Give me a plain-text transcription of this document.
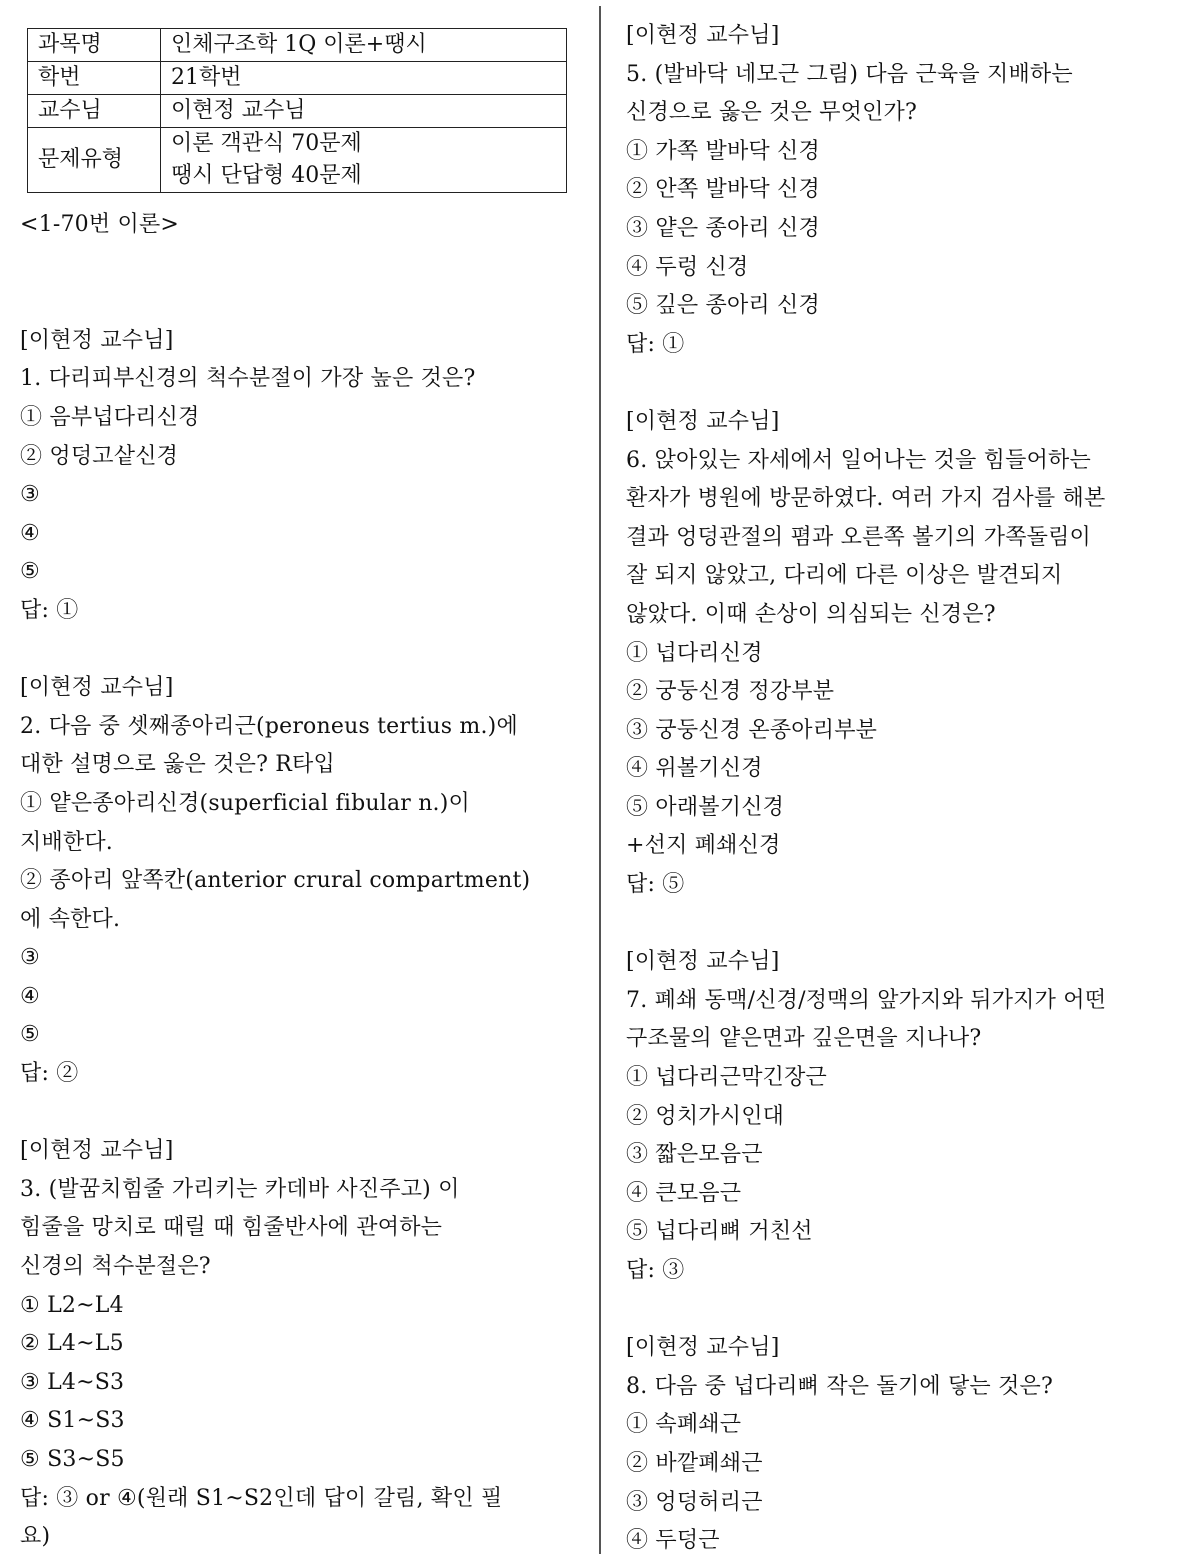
과목명	인체구조학 1Q 이론+땡시

학번	21학번

교수님	이현정 교수님

문제유형	이론 객관식 70문제
땡시 단답형 40문제
<1-70번 이론>
[이현정 교수님]
1. 다리피부신경의 척수분절이 가장 높은 것은?
① 음부넙다리신경
② 엉덩고샅신경
③
④
⑤
답: ①
[이현정 교수님]
2. 다음 중 셋째종아리근(peroneus tertius m.)에
대한 설명으로 옳은 것은? R타입
① 얕은종아리신경(superficial fibular n.)이
지배한다.
② 종아리 앞쪽칸(anterior crural compartment)
에 속한다.
③
④
⑤
답: ②
[이현정 교수님]
3. (발꿈치힘줄 가리키는 카데바 사진주고) 이
힘줄을 망치로 때릴 때 힘줄반사에 관여하는
신경의 척수분절은?
① L2~L4
② L4~L5
③ L4~S3
④ S1~S3
⑤ S3~S5
답: ③ or ④(원래 S1~S2인데 답이 갈림, 확인 필
요)
[이현정 교수님]
5. (발바닥 네모근 그림) 다음 근육을 지배하는
신경으로 옳은 것은 무엇인가?
① 가쪽 발바닥 신경
② 안쪽 발바닥 신경
③ 얕은 종아리 신경
④ 두렁 신경
⑤ 깊은 종아리 신경
답: ①
[이현정 교수님]
6. 앉아있는 자세에서 일어나는 것을 힘들어하는
환자가 병원에 방문하였다. 여러 가지 검사를 해본
결과 엉덩관절의 폄과 오른쪽 볼기의 가쪽돌림이
잘 되지 않았고, 다리에 다른 이상은 발견되지
않았다. 이때 손상이 의심되는 신경은?
① 넙다리신경
② 궁둥신경 정강부분
③ 궁둥신경 온종아리부분
④ 위볼기신경
⑤ 아래볼기신경
+선지 폐쇄신경
답: ⑤
[이현정 교수님]
7. 폐쇄 동맥/신경/정맥의 앞가지와 뒤가지가 어떤
구조물의 얕은면과 깊은면을 지나나?
① 넙다리근막긴장근
② 엉치가시인대
③ 짧은모음근
④ 큰모음근
⑤ 넙다리뼈 거친선
답: ③
[이현정 교수님]
8. 다음 중 넙다리뼈 작은 돌기에 닿는 것은?
① 속폐쇄근
② 바깥폐쇄근
③ 엉덩허리근
④ 두덩근
